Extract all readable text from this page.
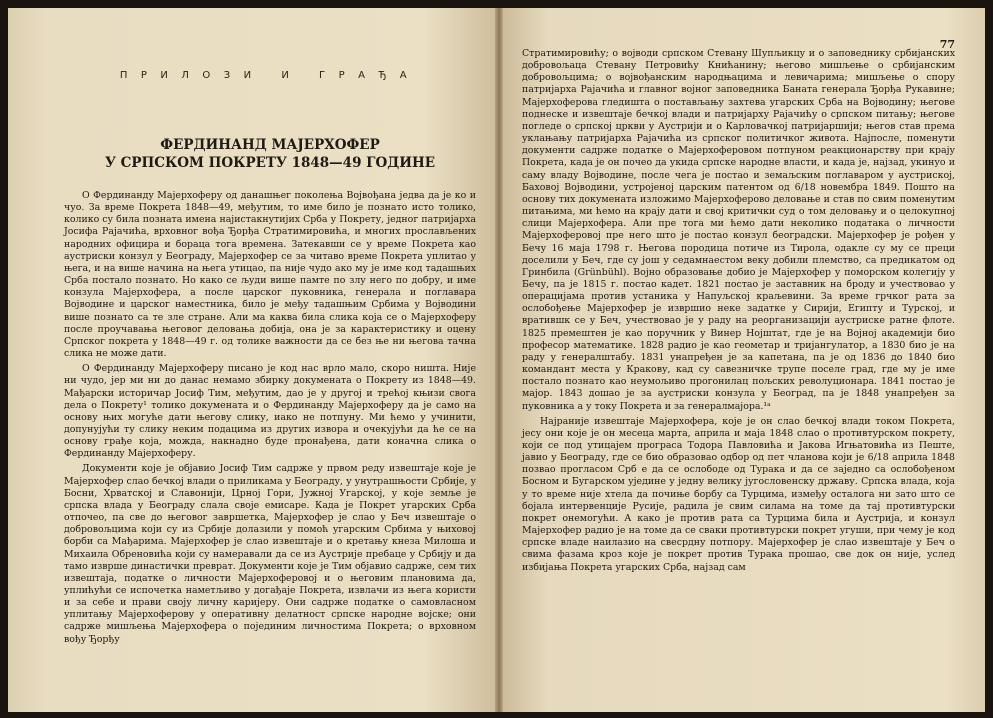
ПРИЛОЗИ И ГРАЂА
ФЕРДИНАНД МАЈЕРХОФЕР
У СРПСКОМ ПОКРЕТУ 1848—49 ГОДИНЕ

О Фердинанду Мајерхоферу од данашњег поколења Војвођана једва да је ко и чуо. За време Покрета 1848—49, међутим, то име било је познато исто толико, колико су била позната имена најистакнутијих Срба у Покрету, једног патријарха Јосифа Рајачића, врховног вођа Ђорђа Стратимировића, и многих прослављених народних официра и бораца тога времена. Затекавши се у време Покрета као аустриски конзул у Београду, Мајерхофер се за читаво време Покрета уплитао у њега, и на више начина на њега утицао, па није чудо ако му је име код тадашњих Срба постало познато. Но како се људи више памте по злу него по добру, и име конзула Мајерхофера, а после царског пуковника, генерала и поглавара Војводине и царског наместника, било је међу тадашњим Србима у Војводини више познато са те зле стране. Али ма каква била слика која се о Мајерхоферу после проучавања његовог деловања добија, она је за карактеристику и оцену Српског покрета у 1848—49 г. од толике важности да се без ње ни његова тачна слика не може дати.

О Фердинанду Мајерхоферу писано је код нас врло мало, скоро ништа. Није ни чудо, јер ми ни до данас немамо збирку докумената о Покрету из 1848—49. Мађарски историчар Јосиф Тим, међутим, дао је у другој и трећој књизи свога дела о Покрету¹ толико докумената и о Фердинанду Мајерхоферу да је само на основу њих могуће дати његову слику, иако не потпуну. Ми ћемо у учинити, допунујући ту слику неким подацима из других извора и очекујући да ће се на основу грађе која, можда, накнадно буде пронађена, дати коначна слика о Фердинанду Мајерхоферу.

Документи које је објавио Јосиф Тим садрже у првом реду извештаје које је Мајерхофер слао бечкој влади о приликама у Београду, у унутрашњости Србије, у Босни, Хрватској и Славонији, Црној Гори, Јужној Угарској, у које земље је српска влада у Београду слала своје емисаре. Када је Покрет угарских Срба отпочео, па све до његовог завршетка, Мајерхофер је слао у Беч извештаје о добровољцима који су из Србије долазили у помоћ угарским Србима у њиховој борби са Мађарима. Мајерхофер је слао извештаје и о кретању кнеза Милоша и Михаила Обреновића који су намеравали да се из Аустрије пребаце у Србију и да тамо изврше династички преврат. Документи које је Тим објавио садрже, сем тих извештаја, податке о личности Мајерхоферовој и о његовим плановима да, уплићући се испочетка наметљиво у догађаје Покрета, извлачи из њега користи и за себе и прави своју личну каријеру. Они садрже податке о самовласном уплитању Мајерхоферову у оперативну делатност српске народне војске; они садрже мишљења Мајерхофера о појединим личностима Покрета; о врховном вођу Ђорђу

77

Стратимировићу; о војводи српском Стевану Шупљикцу и о заповеднику србијанских добровољаца Стевану Петровићу Книћанину; његово мишљење о србијанским добровољцима; о војвођанским народњацима и левичарима; мишљење о спору патријарха Рајачића и главног војног заповедника Баната генерала Ђорђа Рукавине; Мајерхоферова гледишта о постављању захтева угарских Срба на Војводину; његове поднеске и извештаје бечкој влади и патријарху Рајачићу о српском питању; његове погледе о српској цркви у Аустрији и о Карловачкој патријаршији; његов став према уклањању патријарха Рајачића из српског политичког живота. Најпосле, поменути документи садрже податке о Мајерхоферовом потпуном реакционарству при крају Покрета, када је он почео да укида српске народне власти, и када је, најзад, укинуо и саму владу Војводине, после чега је постао и земаљским поглаваром у аустриској, Баховој Војводини, устројеној царским патентом од 6/18 новембра 1849. Пошто на основу тих докумената изложимо Мајерхоферово деловање и став по свим поменутим питањима, ми ћемо на крају дати и свој критички суд о том деловању и о целокупној слици Мајерхофера. Али пре тога ми ћемо дати неколико података о личности Мајерхоферовој пре него што је постао конзул београдски. Мајерхофер је рођен у Бечу 16 маја 1798 г. Његова породица потиче из Тирола, одакле су му се преци доселили у Беч, где су још у седамнаестом веку добили племство, са предикатом од Гринбила (Grünbühl). Војно образовање добио је Мајерхофер у поморском колегију у Бечу, па је 1815 г. постао кадет. 1821 постао је заставник на броду и учествовао у операцијама против устаника у Напуљској краљевини. За време грчког рата за ослобођење Мајерхофер је извршио неке задатке у Сирији, Египту и Турској, и вратившк се у Беч, учествовао је у раду на реорганизацији аустриске ратне флоте. 1825 премештен је као поручник у Винер Нојштат, где је на Војној академији био професор математике. 1828 радио је као геометар и тријангулатор, а 1830 био је на раду у генералштабу. 1831 унапређен је за капетана, па је од 1836 до 1840 био командант места у Кракову, кад су савезничке трупе поселе град, где му је име постало познато као неумољиво прогонилац пољских револуционара. 1841 постао је мајор. 1843 дошао је за аустриски конзула у Београд, па је 1848 унапређен за пуковника а у току Покрета и за генералмајора.¹ᵃ

Најраније извештаје Мајерхофера, које је он слао бечкој влади током Покрета, јесу они које је он месеца марта, априла и маја 1848 слао о противтурском покрету, који се под утицајем програса Тодора Павловића и Јакова Игњатовића из Пеште, јавио у Београду, где се био образовао одбор од пет чланова који је 6/18 априла 1848 позвао прогласом Срб е да се ослободе од Турака и да се заједно са ослобођеном Босном и Бугарском уједине у једну велику југословенску државу. Српска влада, која у то време није хтела да почиње борбу са Турцима, између осталога ни зато што се бојала интервенције Русије, радила је свим силама на томе да тај противтурски покрет онемогући. А како је против рата са Турцима била и Аустрија, и конзул Мајерхофер радио је на томе да се сваки противтурски покрет угуши, при чему је код српске владе наилазио на свесрдну потпору. Мајерхофер је слао извештаје у Беч о свима фазама кроз које је покрет против Турака прошао, све док он није, услед избијања Покрета угарских Срба, најзад сам
